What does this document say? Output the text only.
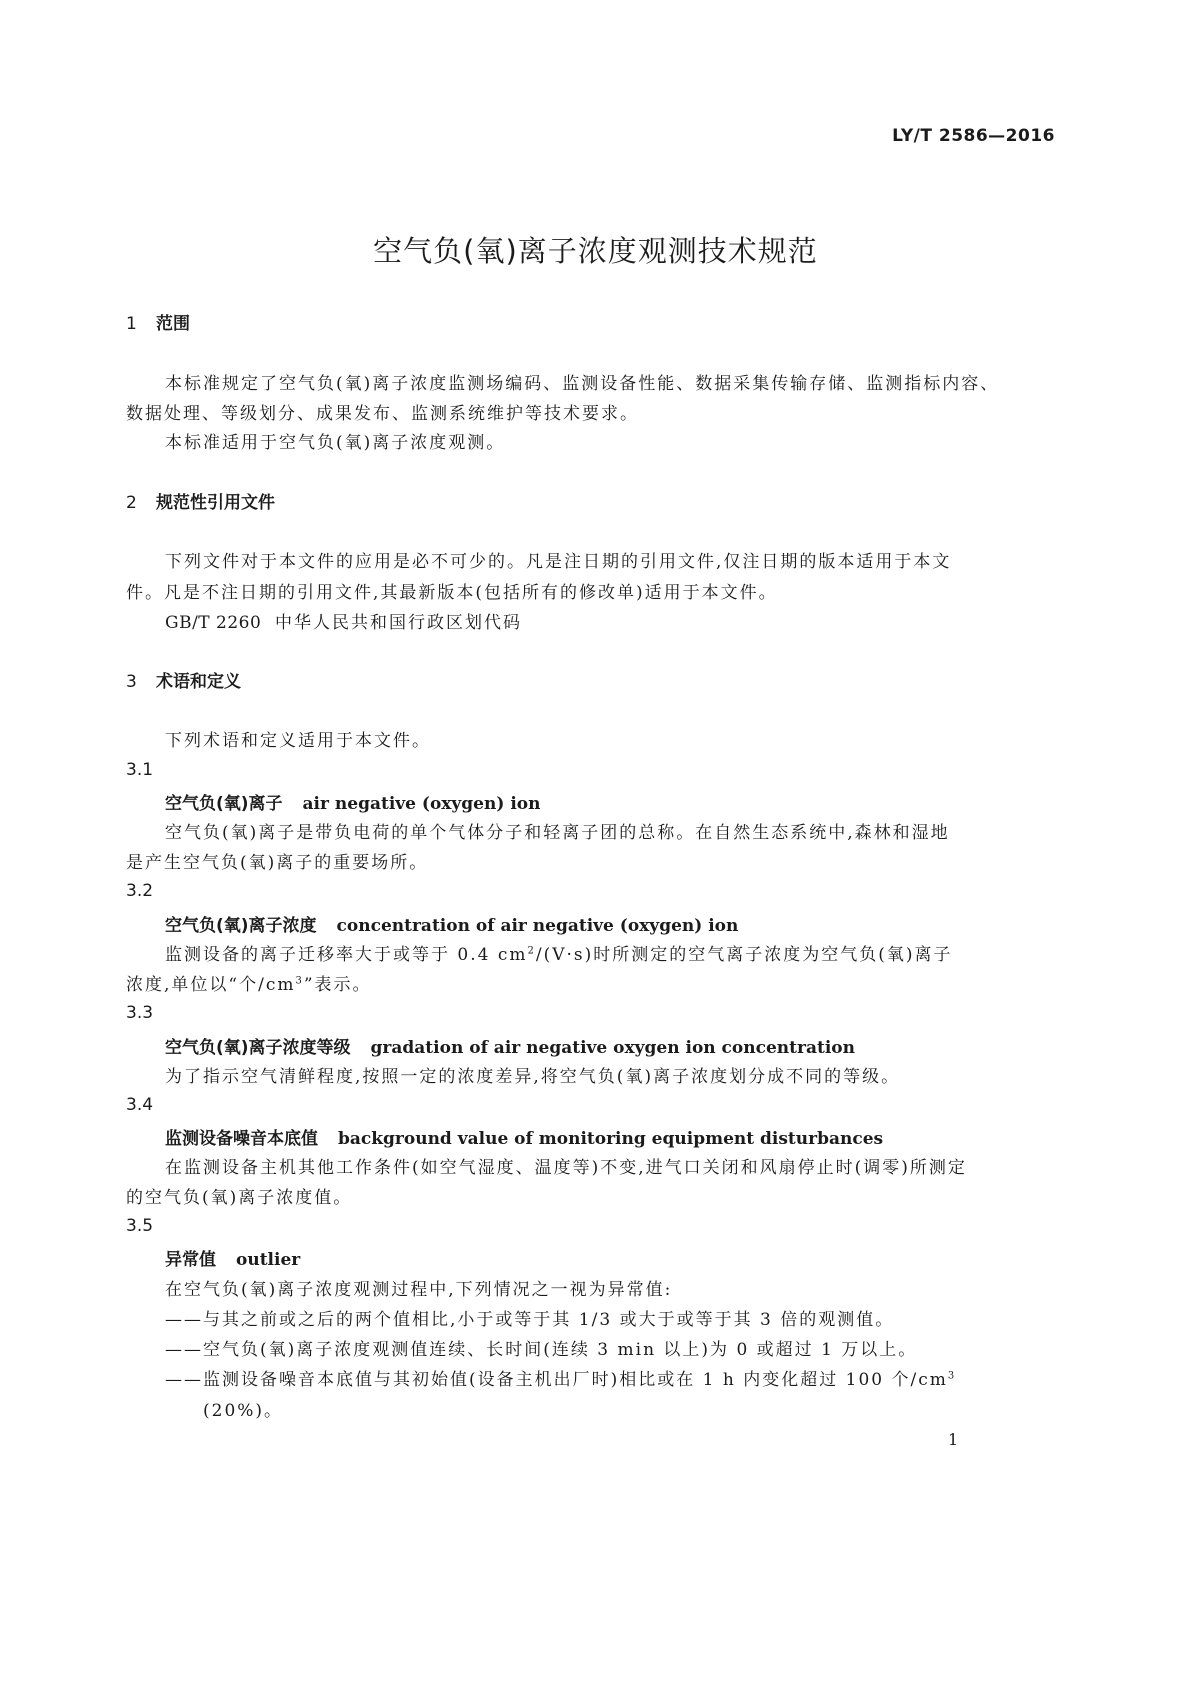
LY/T 2586—2016
空气负(氧)离子浓度观测技术规范
1 范围
本标准规定了空气负(氧)离子浓度监测场编码、监测设备性能、数据采集传输存储、监测指标内容、
数据处理、等级划分、成果发布、监测系统维护等技术要求。
本标准适用于空气负(氧)离子浓度观测。
2 规范性引用文件
下列文件对于本文件的应用是必不可少的。凡是注日期的引用文件,仅注日期的版本适用于本文
件。凡是不注日期的引用文件,其最新版本(包括所有的修改单)适用于本文件。
GB/T 2260 中华人民共和国行政区划代码
3 术语和定义
下列术语和定义适用于本文件。
3.1
空气负(氧)离子 air negative (oxygen) ion
空气负(氧)离子是带负电荷的单个气体分子和轻离子团的总称。在自然生态系统中,森林和湿地
是产生空气负(氧)离子的重要场所。
3.2
空气负(氧)离子浓度 concentration of air negative (oxygen) ion
监测设备的离子迁移率大于或等于 0.4 $cm^2/(V\cdot s)$时所测定的空气离子浓度为空气负(氧)离子
浓度,单位以“个$/cm^3$”表示。
3.3
空气负(氧)离子浓度等级 gradation of air negative oxygen ion concentration
为了指示空气清鲜程度,按照一定的浓度差异,将空气负(氧)离子浓度划分成不同的等级。
3.4
监测设备噪音本底值 background value of monitoring equipment disturbances
在监测设备主机其他工作条件(如空气湿度、温度等)不变,进气口关闭和风扇停止时(调零)所测定
的空气负(氧)离子浓度值。
3.5
异常值 outlier
在空气负(氧)离子浓度观测过程中,下列情况之一视为异常值:
——与其之前或之后的两个值相比,小于或等于其 1/3 或大于或等于其 3 倍的观测值。
——空气负(氧)离子浓度观测值连续、长时间(连续 3 min 以上)为 0 或超过 1 万以上。
——监测设备噪音本底值与其初始值(设备主机出厂时)相比或在 1 h 内变化超过 100 个$/cm^3$
(20%)。
1
